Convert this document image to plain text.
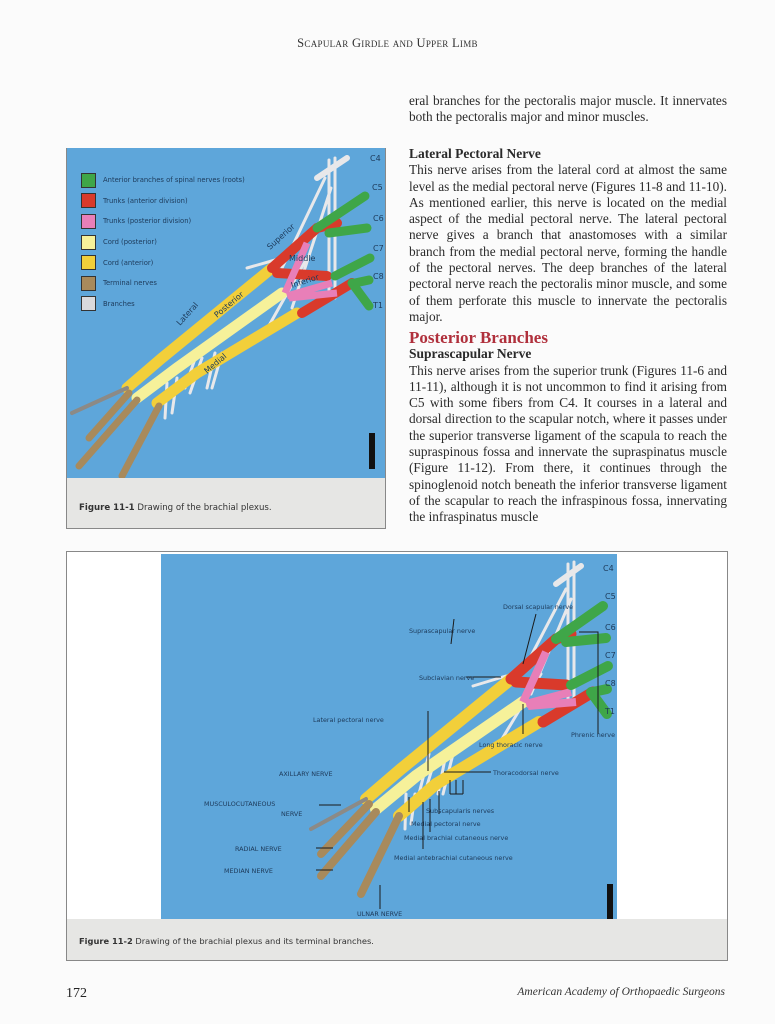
Scapular Girdle and Upper Limb

eral branches for the pectoralis major muscle. It innervates both the pectoralis major and minor muscles.

Lateral Pectoral Nerve

This nerve arises from the lateral cord at almost the same level as the medial pectoral nerve (Figures 11-8 and 11-10). As mentioned earlier, this nerve is located on the medial aspect of the medial pectoral nerve. The lateral pectoral nerve gives a branch that anastomoses with a similar branch from the medial pectoral nerve, forming the handle of the pectoral nerves. The deep branches of the lateral pectoral nerve reach the pectoralis minor muscle, and some of them perforate this muscle to innervate the pectoralis major.

Posterior Branches

Suprascapular Nerve

This nerve arises from the superior trunk (Figures 11-6 and 11-11), although it is not uncommon to find it arising from C5 with some fibers from C4. It courses in a lateral and dorsal direction to the scapular notch, where it passes under the superior transverse ligament of the scapula to reach the supraspinous fossa and innervate the supraspinatus muscle (Figure 11-12). From there, it continues through the spinoglenoid notch beneath the inferior transverse ligament of the scapular to reach the infraspinous fossa, innervating the infraspinatus muscle

Anterior branches of spinal nerves (roots)
Trunks (anterior division)
Trunks (posterior division)
Cord (posterior)
Cord (anterior)
Terminal nerves
Branches
C4
C5
C6
C7
C8
T1
Superior
Middle
Inferior
Lateral Posterior
Medial
Figure 11-1 Drawing of the brachial plexus.
C4
C5
C6
C7
C8
T1
Dorsal scapular nerve
Suprascapular nerve
Subclavian nerve
Lateral pectoral nerve
Long thoracic nerve
Phrenic nerve
AXILLARY NERVE	Thoracodorsal nerve
MUSCULOCUTANEOUS
NERVE	Subscapularis nerves
Medial pectoral nerve
Medial brachial cutaneous nerve
Medial antebrachial cutaneous nerve
RADIAL NERVE
MEDIAN NERVE
ULNAR NERVE
Figure 11-2 Drawing of the brachial plexus and its terminal branches.
172	American Academy of Orthopaedic Surgeons
